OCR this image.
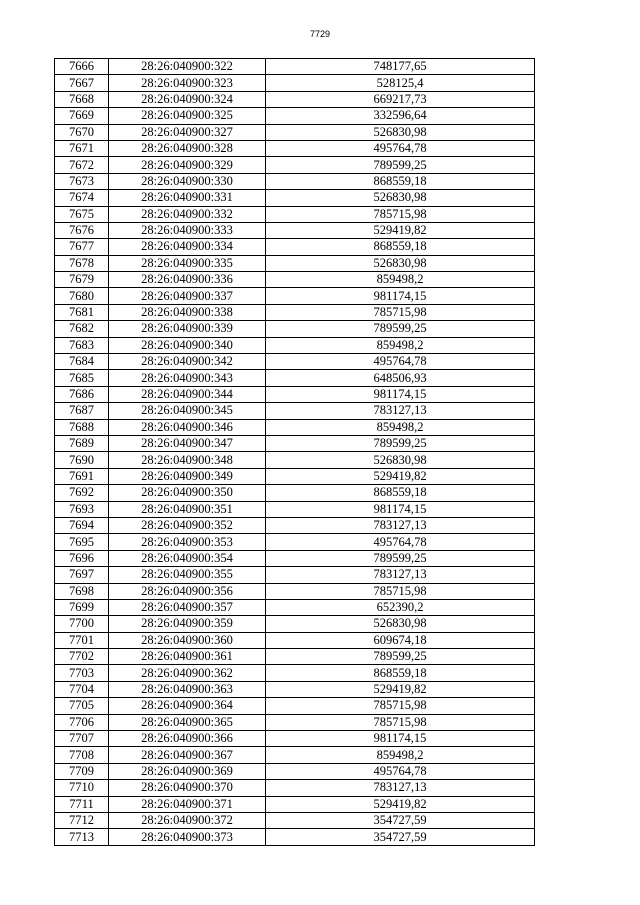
7729
7666	28:26:040900:322	748177,65
7667	28:26:040900:323	528125,4
7668	28:26:040900:324	669217,73
7669	28:26:040900:325	332596,64
7670	28:26:040900:327	526830,98
7671	28:26:040900:328	495764,78
7672	28:26:040900:329	789599,25
7673	28:26:040900:330	868559,18
7674	28:26:040900:331	526830,98
7675	28:26:040900:332	785715,98
7676	28:26:040900:333	529419,82
7677	28:26:040900:334	868559,18
7678	28:26:040900:335	526830,98
7679	28:26:040900:336	859498,2
7680	28:26:040900:337	981174,15
7681	28:26:040900:338	785715,98
7682	28:26:040900:339	789599,25
7683	28:26:040900:340	859498,2
7684	28:26:040900:342	495764,78
7685	28:26:040900:343	648506,93
7686	28:26:040900:344	981174,15
7687	28:26:040900:345	783127,13
7688	28:26:040900:346	859498,2
7689	28:26:040900:347	789599,25
7690	28:26:040900:348	526830,98
7691	28:26:040900:349	529419,82
7692	28:26:040900:350	868559,18
7693	28:26:040900:351	981174,15
7694	28:26:040900:352	783127,13
7695	28:26:040900:353	495764,78
7696	28:26:040900:354	789599,25
7697	28:26:040900:355	783127,13
7698	28:26:040900:356	785715,98
7699	28:26:040900:357	652390,2
7700	28:26:040900:359	526830,98
7701	28:26:040900:360	609674,18
7702	28:26:040900:361	789599,25
7703	28:26:040900:362	868559,18
7704	28:26:040900:363	529419,82
7705	28:26:040900:364	785715,98
7706	28:26:040900:365	785715,98
7707	28:26:040900:366	981174,15
7708	28:26:040900:367	859498,2
7709	28:26:040900:369	495764,78
7710	28:26:040900:370	783127,13
7711	28:26:040900:371	529419,82
7712	28:26:040900:372	354727,59
7713	28:26:040900:373	354727,59
